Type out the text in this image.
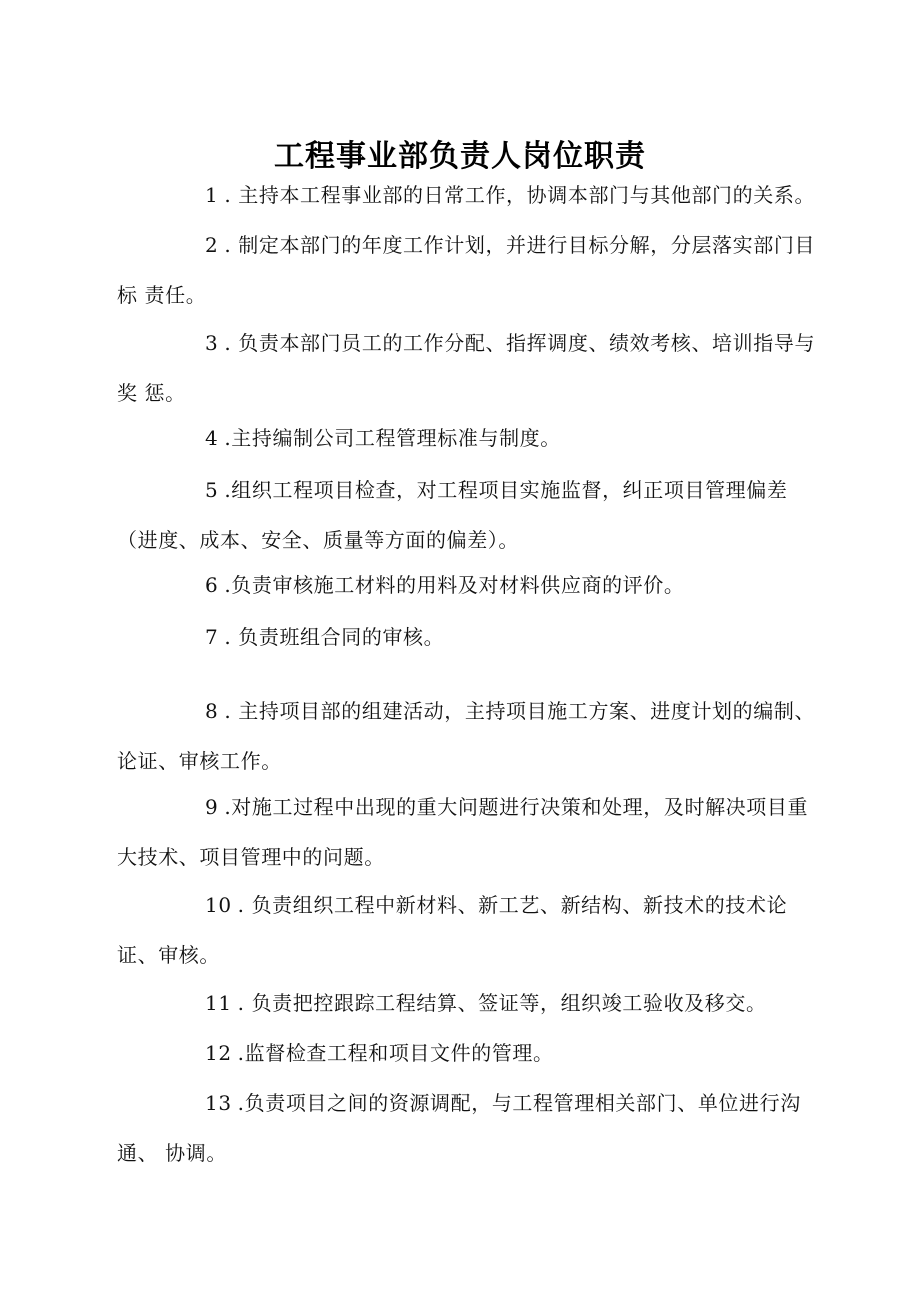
工程事业部负责人岗位职责

1 . 主持本工程事业部的日常工作，协调本部门与其他部门的关系。

2 . 制定本部门的年度工作计划，并进行目标分解，分层落实部门目标 责任。

3 . 负责本部门员工的工作分配、指挥调度、绩效考核、培训指导与奖 惩。

4 .主持编制公司工程管理标准与制度。

5 .组织工程项目检查，对工程项目实施监督，纠正项目管理偏差（进度、成本、安全、质量等方面的偏差）。

6 .负责审核施工材料的用料及对材料供应商的评价。

7 . 负责班组合同的审核。

8 . 主持项目部的组建活动，主持项目施工方案、进度计划的编制、论证、审核工作。

9 .对施工过程中出现的重大问题进行决策和处理，及时解决项目重大技术、项目管理中的问题。

10 . 负责组织工程中新材料、新工艺、新结构、新技术的技术论证、审核。

11 . 负责把控跟踪工程结算、签证等，组织竣工验收及移交。

12 .监督检查工程和项目文件的管理。

13 .负责项目之间的资源调配，与工程管理相关部门、单位进行沟通、 协调。
